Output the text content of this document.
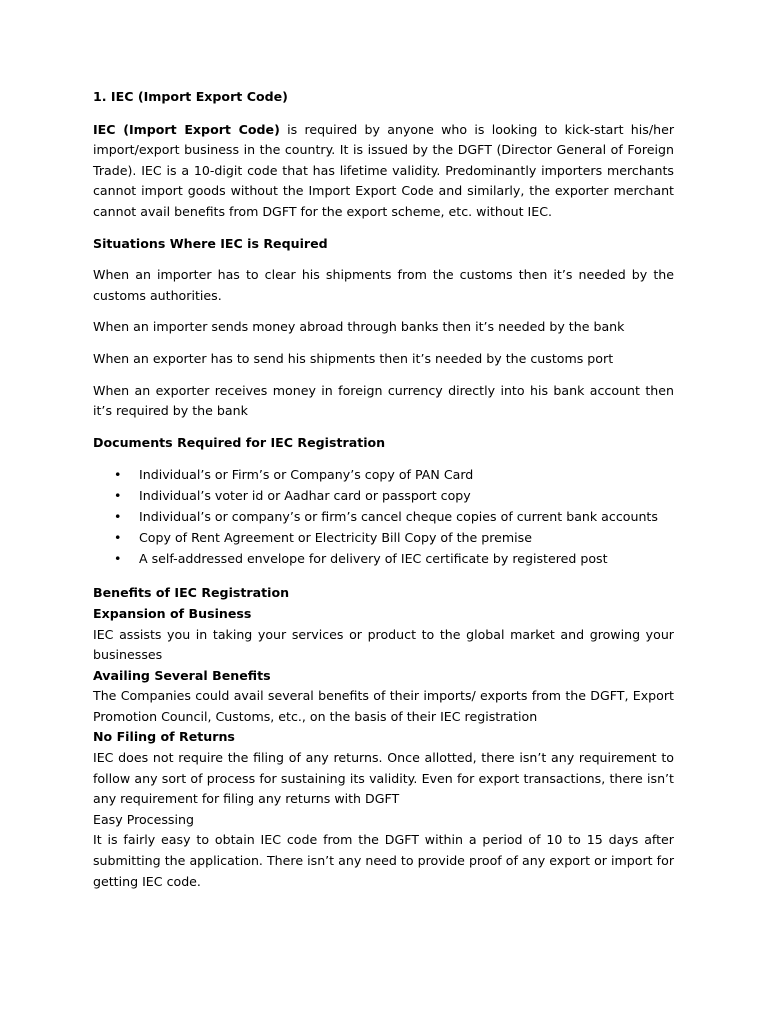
1. IEC (Import Export Code)

IEC (Import Export Code) is required by anyone who is looking to kick-start his/her import/export business in the country. It is issued by the DGFT (Director General of Foreign Trade). IEC is a 10-digit code that has lifetime validity. Predominantly importers merchants cannot import goods without the Import Export Code and similarly, the exporter merchant cannot avail benefits from DGFT for the export scheme, etc. without IEC.

Situations Where IEC is Required

When an importer has to clear his shipments from the customs then it’s needed by the customs authorities.

When an importer sends money abroad through banks then it’s needed by the bank

When an exporter has to send his shipments then it’s needed by the customs port

When an exporter receives money in foreign currency directly into his bank account then it’s required by the bank

Documents Required for IEC Registration

• Individual’s or Firm’s or Company’s copy of PAN Card
• Individual’s voter id or Aadhar card or passport copy
• Individual’s or company’s or firm’s cancel cheque copies of current bank accounts
• Copy of Rent Agreement or Electricity Bill Copy of the premise
• A self-addressed envelope for delivery of IEC certificate by registered post

Benefits of IEC Registration

Expansion of Business

IEC assists you in taking your services or product to the global market and growing your businesses

Availing Several Benefits

The Companies could avail several benefits of their imports/ exports from the DGFT, Export Promotion Council, Customs, etc., on the basis of their IEC registration

No Filing of Returns

IEC does not require the filing of any returns. Once allotted, there isn’t any requirement to follow any sort of process for sustaining its validity. Even for export transactions, there isn’t any requirement for filing any returns with DGFT

Easy Processing

It is fairly easy to obtain IEC code from the DGFT within a period of 10 to 15 days after submitting the application. There isn’t any need to provide proof of any export or import for getting IEC code.
